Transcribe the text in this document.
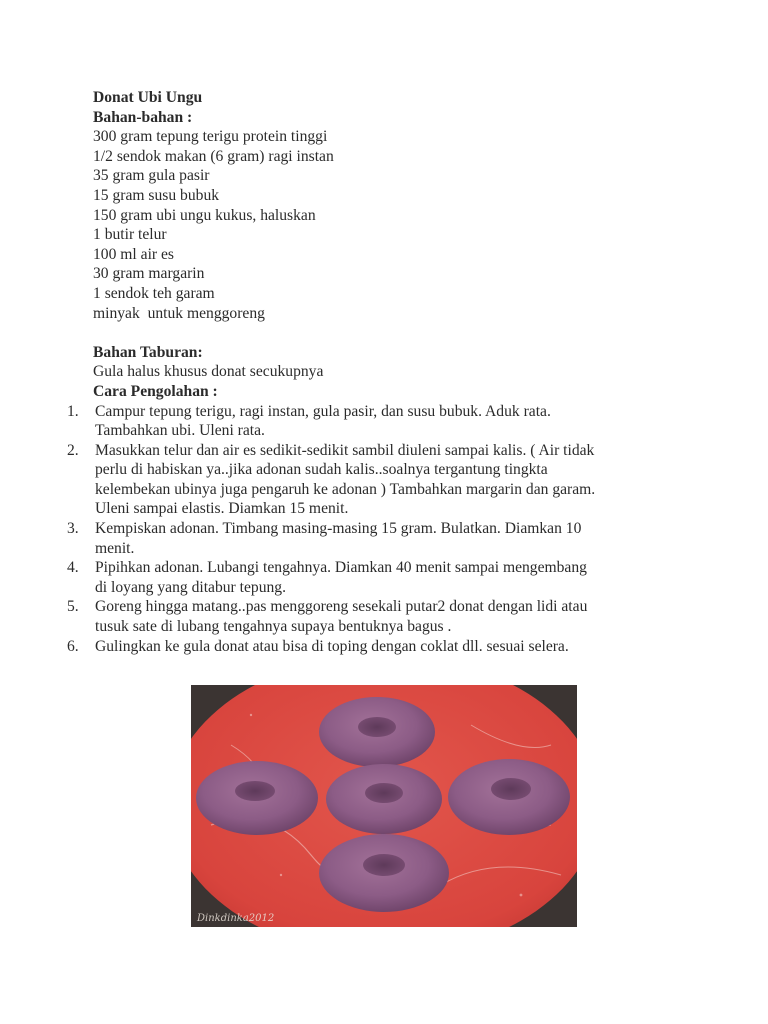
Donat Ubi Ungu
Bahan-bahan :
300 gram tepung terigu protein tinggi
1/2 sendok makan (6 gram) ragi instan
35 gram gula pasir
15 gram susu bubuk
150 gram ubi ungu kukus, haluskan
1 butir telur
100 ml air es
30 gram margarin
1 sendok teh garam
minyak  untuk menggoreng
Bahan Taburan:
Gula halus khusus donat secukupnya
Cara Pengolahan :
1.	Campur tepung terigu, ragi instan, gula pasir, dan susu bubuk. Aduk rata.
Tambahkan ubi. Uleni rata.
2.	Masukkan telur dan air es sedikit-sedikit sambil diuleni sampai kalis. ( Air tidak
perlu di habiskan ya..jika adonan sudah kalis..soalnya tergantung tingkta
kelembekan ubinya juga pengaruh ke adonan ) Tambahkan margarin dan garam.
Uleni sampai elastis. Diamkan 15 menit.
3.	Kempiskan adonan. Timbang masing-masing 15 gram. Bulatkan. Diamkan 10
menit.
4.	Pipihkan adonan. Lubangi tengahnya. Diamkan 40 menit sampai mengembang
di loyang yang ditabur tepung.
5.	Goreng hingga matang..pas menggoreng sesekali putar2 donat dengan lidi atau
tusuk sate di lubang tengahnya supaya bentuknya bagus .
6.	Gulingkan ke gula donat atau bisa di toping dengan coklat dll. sesuai selera.
Dinkdinka2012
